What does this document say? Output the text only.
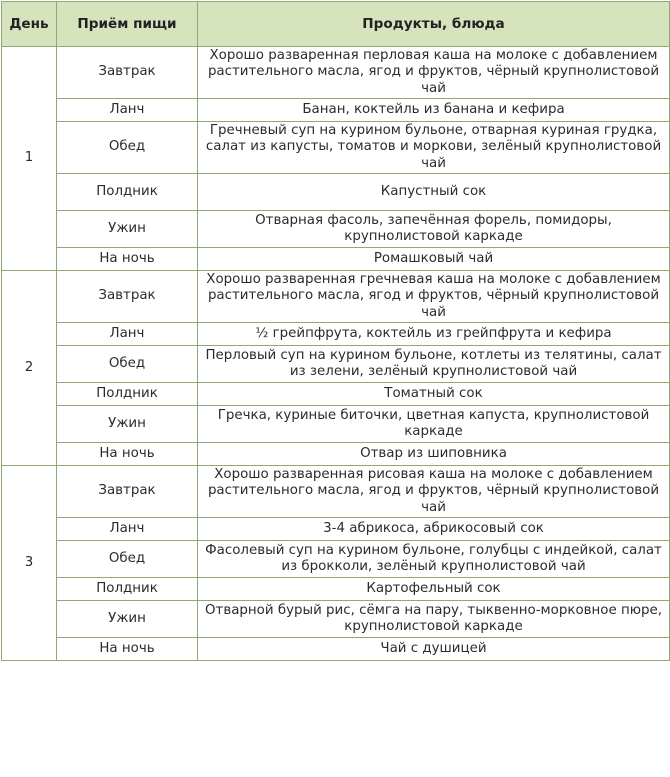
День	Приём пищи	Продукты, блюда
1	Завтрак	Хорошо разваренная перловая каша на молоке с добавлением растительного масла, ягод и фруктов, чёрный крупнолистовой чай
	Ланч	Банан, коктейль из банана и кефира
	Обед	Гречневый суп на курином бульоне, отварная куриная грудка, салат из капусты, томатов и моркови, зелёный крупнолистовой чай
	Полдник	Капустный сок
	Ужин	Отварная фасоль, запечённая форель, помидоры, крупнолистовой каркаде
	На ночь	Ромашковый чай
2	Завтрак	Хорошо разваренная гречневая каша на молоке с добавлением растительного масла, ягод и фруктов, чёрный крупнолистовой чай
	Ланч	½ грейпфрута, коктейль из грейпфрута и кефира
	Обед	Перловый суп на курином бульоне, котлеты из телятины, салат из зелени, зелёный крупнолистовой чай
	Полдник	Томатный сок
	Ужин	Гречка, куриные биточки, цветная капуста, крупнолистовой каркаде
	На ночь	Отвар из шиповника
3	Завтрак	Хорошо разваренная рисовая каша на молоке с добавлением растительного масла, ягод и фруктов, чёрный крупнолистовой чай
	Ланч	3-4 абрикоса, абрикосовый сок
	Обед	Фасолевый суп на курином бульоне, голубцы с индейкой, салат из брокколи, зелёный крупнолистовой чай
	Полдник	Картофельный сок
	Ужин	Отварной бурый рис, сёмга на пару, тыквенно-морковное пюре, крупнолистовой каркаде
	На ночь	Чай с душицей
